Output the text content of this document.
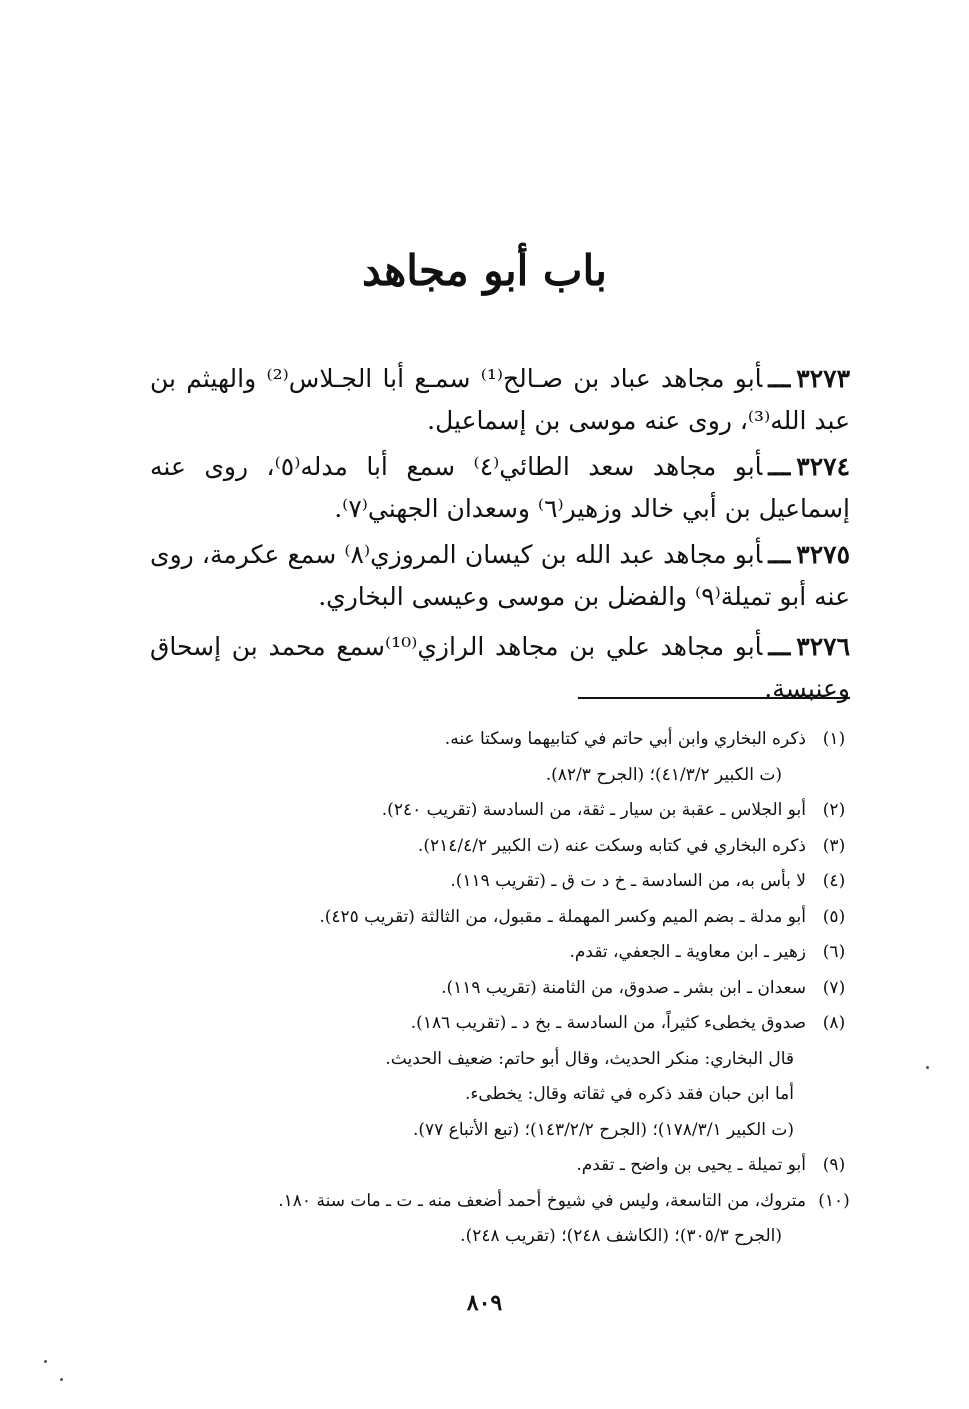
باب أبو مجاهد
٣٢٧٣ـــأبو مجاهد عباد بن صـالح⁽¹⁾ سمـع أبا الجـلاس⁽²⁾ والهيثم بن عبد الله⁽³⁾، روى عنه موسى بن إسماعيل.
٣٢٧٤ـــأبو مجاهد سعد الطائي⁽٤⁾ سمع أبا مدله⁽٥⁾، روى عنه إسماعيل بن أبي خالد وزهير⁽٦⁾ وسعدان الجهني⁽٧⁾.
٣٢٧٥ـــأبو مجاهد عبد الله بن كيسان المروزي⁽٨⁾ سمع عكرمة، روى عنه أبو تميلة⁽٩⁾ والفضل بن موسى وعيسى البخاري.
٣٢٧٦ـــأبو مجاهد علي بن مجاهد الرازي⁽¹⁰⁾سمع محمد بن إسحاق وعنبسة.
(١)
ذكره البخاري وابن أبي حاتم في كتابيهما وسكتا عنه.
(ت الكبير ٤١/٣/٢)؛ (الجرح ٨٢/٣).
(٢)
أبو الجلاس ـ عقبة بن سيار ـ ثقة، من السادسة (تقريب ٢٤٠).
(٣)
ذكره البخاري في كتابه وسكت عنه (ت الكبير ٢١٤/٤/٢).
(٤)
لا بأس به، من السادسة ـ خ د ت ق ـ (تقريب ١١٩).
(٥)
أبو مدلة ـ بضم الميم وكسر المهملة ـ مقبول، من الثالثة (تقريب ٤٢٥).
(٦)
زهير ـ ابن معاوية ـ الجعفي، تقدم.
(٧)
سعدان ـ ابن بشر ـ صدوق، من الثامنة (تقريب ١١٩).
(٨)
صدوق يخطىء كثيراً، من السادسة ـ بخ د ـ (تقريب ١٨٦).
قال البخاري: منكر الحديث، وقال أبو حاتم: ضعيف الحديث.
أما ابن حبان فقد ذكره في ثقاته وقال: يخطىء.
(ت الكبير ١٧٨/٣/١)؛ (الجرح ١٤٣/٢/٢)؛ (تبع الأتباع ٧٧).
(٩)
أبو تميلة ـ يحيى بن واضح ـ تقدم.
(١٠)
متروك، من التاسعة، وليس في شيوخ أحمد أضعف منه ـ ت ـ مات سنة ١٨٠.
(الجرح ٣٠٥/٣)؛ (الكاشف ٢٤٨)؛ (تقريب ٢٤٨).
٨٠٩
